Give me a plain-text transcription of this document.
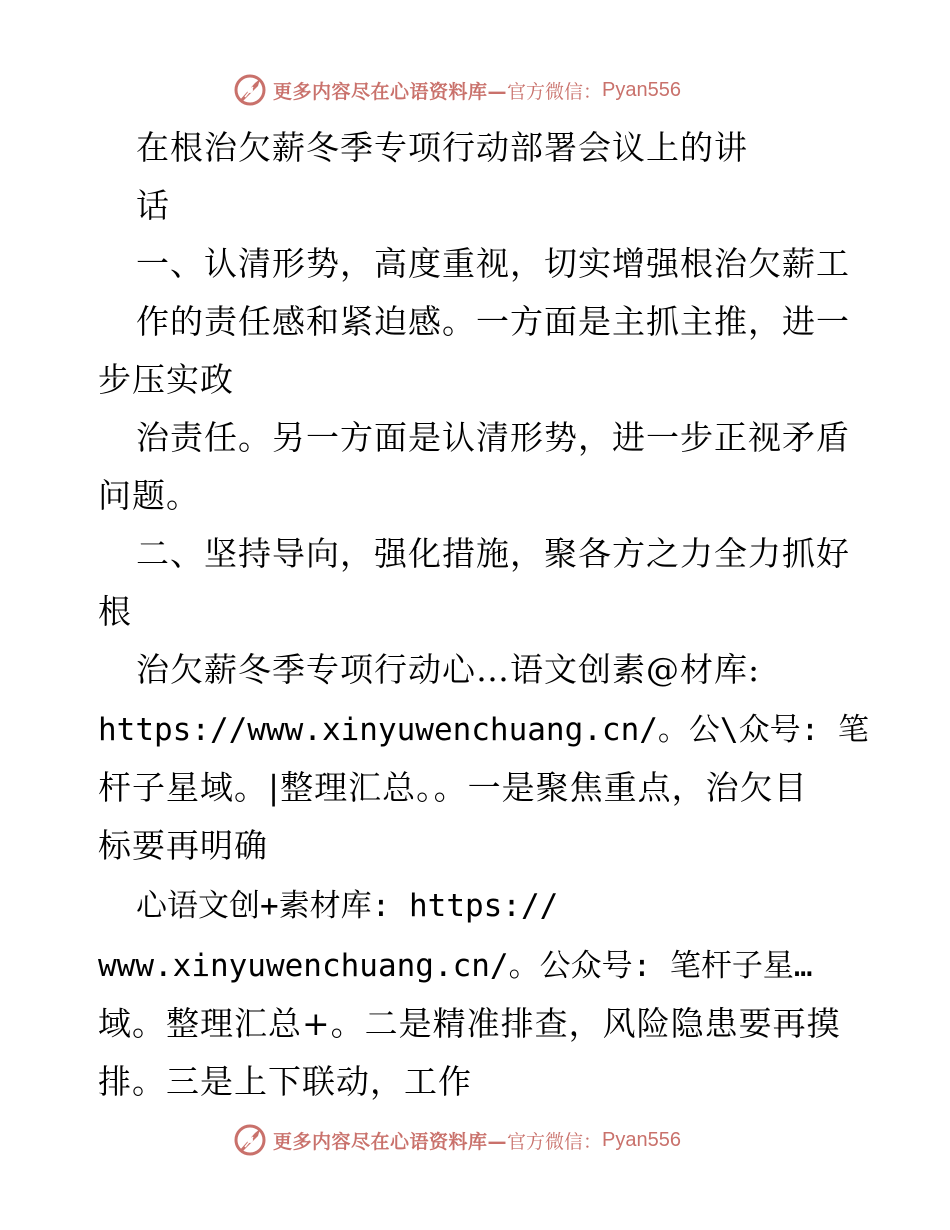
更多内容尽在心语资料库— 官方微信： Pyan556
在根治欠薪冬季专项行动部署会议上的讲
话
一、认清形势，高度重视，切实增强根治欠薪工
作的责任感和紧迫感。一方面是主抓主推，进一
步压实政
治责任。另一方面是认清形势，进一步正视矛盾
问题。
二、坚持导向，强化措施，聚各方之力全力抓好
根
治欠薪冬季专项行动心…语文创素@材库:
https://www.xinyuwenchuang.cn/。公\众号: 笔
杆子星域。|整理汇总。。一是聚焦重点，治欠目
标要再明确
心语文创+素材库: https://
www.xinyuwenchuang.cn/。公众号: 笔杆子星…
域。整理汇总+。二是精准排查，风险隐患要再摸
排。三是上下联动，工作
更多内容尽在心语资料库— 官方微信： Pyan556
